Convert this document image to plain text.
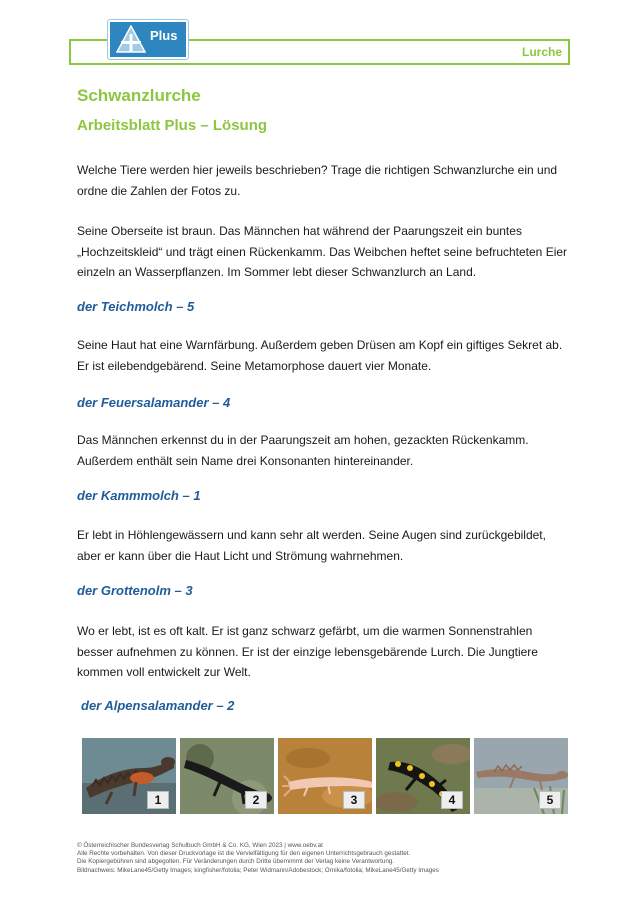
Lurche
Plus
Schwanzlurche
Arbeitsblatt Plus – Lösung

Welche Tiere werden hier jeweils beschrieben? Trage die richtigen Schwanzlurche ein und
ordne die Zahlen der Fotos zu.

Seine Oberseite ist braun. Das Männchen hat während der Paarungszeit ein buntes
„Hochzeitskleid“ und trägt einen Rückenkamm. Das Weibchen heftet seine befruchteten Eier
einzeln an Wasserpflanzen. Im Sommer lebt dieser Schwanzlurch an Land.

der Teichmolch – 5

Seine Haut hat eine Warnfärbung. Außerdem geben Drüsen am Kopf ein giftiges Sekret ab.
Er ist eilebendgebärend. Seine Metamorphose dauert vier Monate.

der Feuersalamander – 4

Das Männchen erkennst du in der Paarungszeit am hohen, gezackten Rückenkamm.
Außerdem enthält sein Name drei Konsonanten hintereinander.

der Kammmolch – 1

Er lebt in Höhlengewässern und kann sehr alt werden. Seine Augen sind zurückgebildet,
aber er kann über die Haut Licht und Strömung wahrnehmen.

der Grottenolm – 3

Wo er lebt, ist es oft kalt. Er ist ganz schwarz gefärbt, um die warmen Sonnenstrahlen
besser aufnehmen zu können. Er ist der einzige lebensgebärende Lurch. Die Jungtiere
kommen voll entwickelt zur Welt.

der Alpensalamander – 2

1	2	3	4	5
© Österreichischer Bundesverlag Schulbuch GmbH & Co. KG, Wien 2023 | www.oebv.at
Alle Rechte vorbehalten. Von dieser Druckvorlage ist die Vervielfältigung für den eigenen Unterrichtsgebrauch gestattet.
Die Kopiergebühren sind abgegolten. Für Veränderungen durch Dritte übernimmt der Verlag keine Verantwortung.
Bildnachweis: MikeLane45/Getty Images; kingfisher/fotolia; Peter Widmann/Adobestock; Ornika/fotolia; MikeLane45/Getty Images
